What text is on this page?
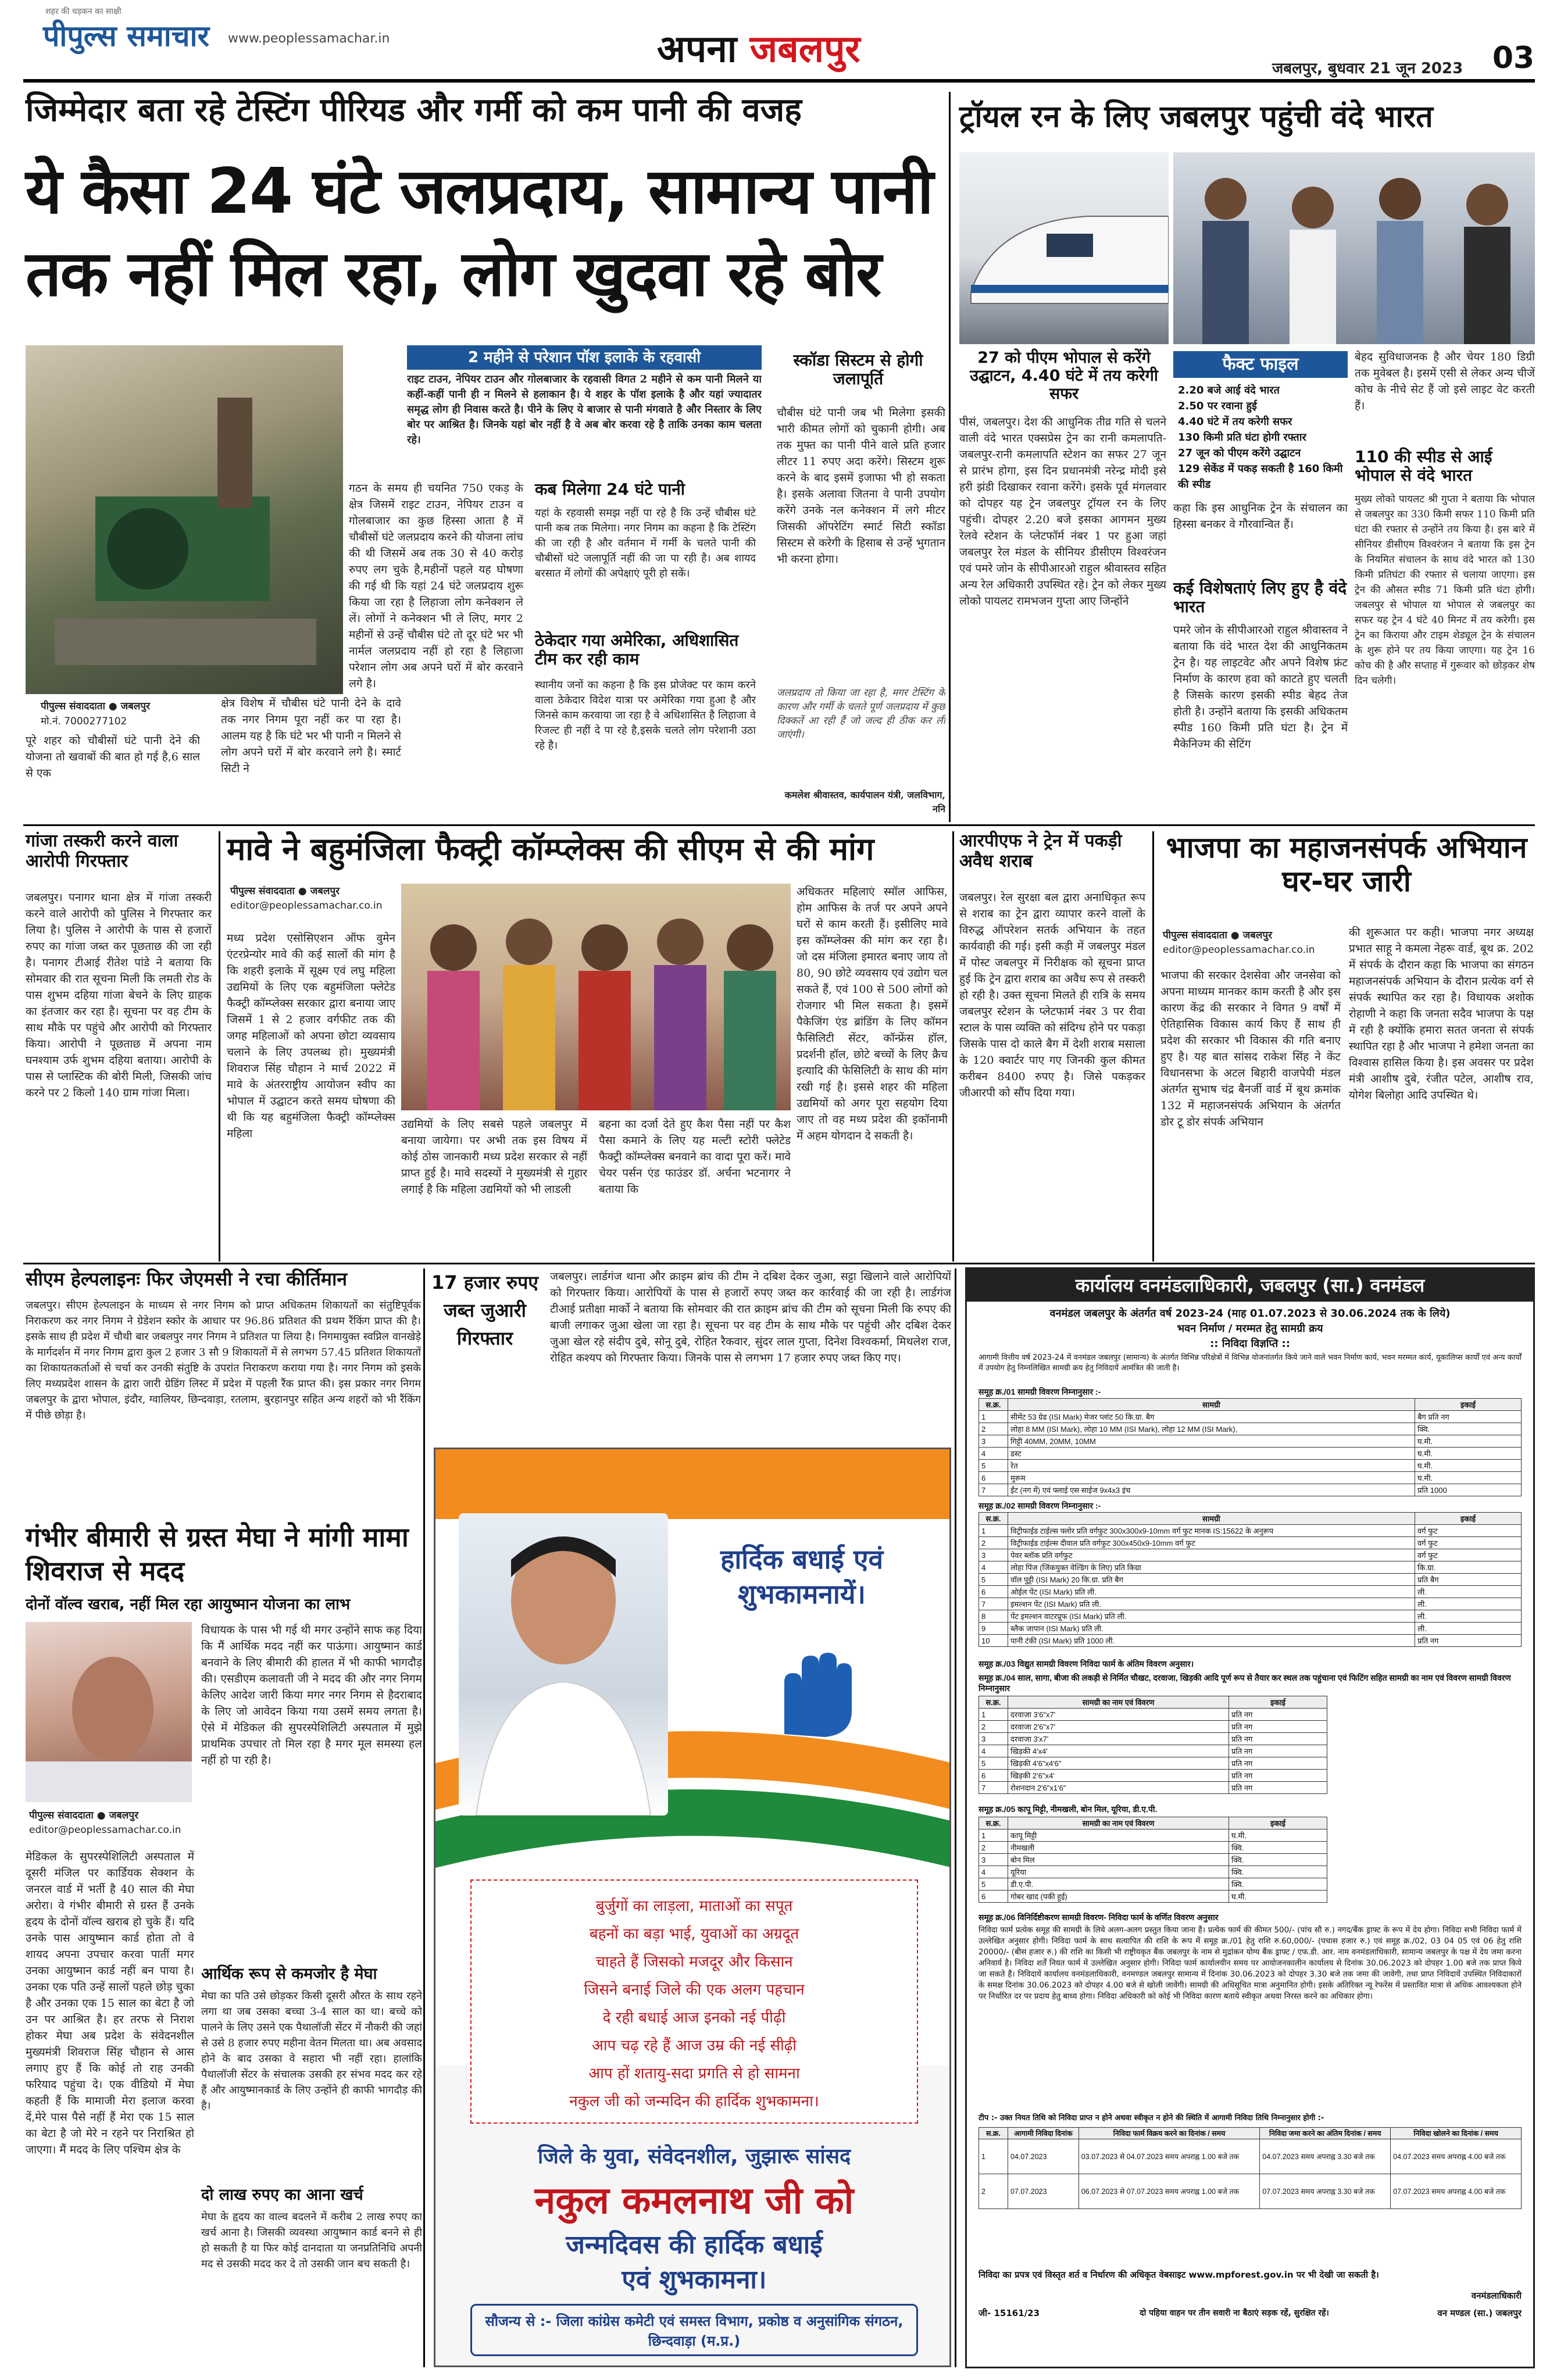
शहर की धड़कन का साक्षी
पीपुल्स समाचार www.peoplessamachar.in	अपना जबलपुर	जबलपुर, बुधवार 21 जून 2023 03
जिम्मेदार बता रहे टेस्टिंग पीरियड और गर्मी को कम पानी की वजह
ये कैसा 24 घंटे जलप्रदाय, सामान्य पानी
तक नहीं मिल रहा, लोग खुदवा रहे बोर
पीपुल्स संवाददाता ● जबलपुर
मो.नं. 7000277102
पूरे शहर को चौबीसों घंटे पानी देने की योजना तो खवाबों की बात हो गई है,6 साल से एक
क्षेत्र विशेष में चौबीस घंटे पानी देने के दावे तक नगर निगम पूरा नहीं कर पा रहा है। आलम यह है कि घंटे भर भी पानी न मिलने से लोग अपने घरों में बोर करवाने लगे है। स्मार्ट सिटी ने
2 महीने से परेशान पॉश इलाके के रहवासी
राइट टाउन, नेपियर टाउन और गोलबाजार के रहवासी विगत 2 महीने से कम पानी मिलने या कहीं-कहीं पानी ही न मिलने से हलाकान है। ये शहर के पॉश इलाके है और यहां ज्यादातर समृद्ध लोग ही निवास करते है। पीने के लिए ये बाजार से पानी मंगवाते है और निस्तार के लिए बोर पर आश्रित है। जिनके यहां बोर नहीं है वे अब बोर करवा रहे है ताकि उनका काम चलता रहे।
गठन के समय ही चयनित 750 एकड़ के क्षेत्र जिसमें राइट टाउन, नेपियर टाउन व गोलबाजार का कुछ हिस्सा आता है में चौबीसों घंटे जलप्रदाय करने की योजना लांच की थी जिसमें अब तक 30 से 40 करोड़ रुपए लग चुके है,महीनों पहले यह घोषणा की गई थी कि यहां 24 घंटे जलप्रदाय शुरू किया जा रहा है लिहाजा लोग कनेक्शन ले लें। लोगों ने कनेक्शन भी ले लिए, मगर 2 महीनों से उन्हें चौबीस घंटे तो दूर घंटे भर भी नार्मल जलप्रदाय नहीं हो रहा है लिहाजा परेशान लोग अब अपने घरों में बोर करवाने लगे है।
कब मिलेगा 24 घंटे पानी
यहां के रहवासी समझ नहीं पा रहे है कि उन्हें चौबीस घंटे पानी कब तक मिलेगा। नगर निगम का कहना है कि टेस्टिंग की जा रही है और वर्तमान में गर्मी के चलते पानी की चौबीसों घंटे जलापूर्ति नहीं की जा पा रही है। अब शायद बरसात में लोगों की अपेक्षाएं पूरी हो सकें।
ठेकेदार गया अमेरिका, अधिशासित टीम कर रही काम
स्थानीय जनों का कहना है कि इस प्रोजेक्ट पर काम करने वाला ठेकेदार विदेश यात्रा पर अमेरिका गया हुआ है और जिनसे काम करवाया जा रहा है वे अधिशासित है लिहाजा वे रिजल्ट ही नहीं दे पा रहे है,इसके चलते लोग परेशानी उठा रहे है।
स्कॉडा सिस्टम से होगी जलापूर्ति
चौबीस घंटे पानी जब भी मिलेगा इसकी भारी कीमत लोगों को चुकानी होगी। अब तक मुफ्त का पानी पीने वाले प्रति हजार लीटर 11 रुपए अदा करेंगे। सिस्टम शुरू करने के बाद इसमें इजाफा भी हो सकता है। इसके अलावा जितना वे पानी उपयोग करेंगे उनके नल कनेक्शन में लगे मीटर जिसकी ऑपरेटिंग स्मार्ट सिटी स्कॉडा सिस्टम से करेगी के हिसाब से उन्हें भुगतान भी करना होगा।
जलप्रदाय तो किया जा रहा है, मगर टेस्टिंग के कारण और गर्मी के चलते पूर्ण जलप्रदाय में कुछ दिक्कतें आ रही हैं जो जल्द ही ठीक कर ली जाएंगी।
कमलेश श्रीवास्तव, कार्यपालन यंत्री, जलविभाग, ननि
ट्रॉयल रन के लिए जबलपुर पहुंची वंदे भारत
27 को पीएम भोपाल से करेंगे उद्घाटन, 4.40 घंटे में तय करेगी सफर
पीसं, जबलपुर। देश की आधुनिक तीव्र गति से चलने वाली वंदे भारत एक्सप्रेस ट्रेन का रानी कमलापति-जबलपुर-रानी कमलापति स्टेशन का सफर 27 जून से प्रारंभ होगा, इस दिन प्रधानमंत्री नरेन्द्र मोदी इसे हरी झंडी दिखाकर रवाना करेंगे। इसके पूर्व मंगलवार को दोपहर यह ट्रेन जबलपुर ट्रॉयल रन के लिए पहुंची। दोपहर 2.20 बजे इसका आगमन मुख्य रेलवे स्टेशन के प्लेटफॉर्म नंबर 1 पर हुआ जहां जबलपुर रेल मंडल के सीनियर डीसीएम विश्वरंजन एवं पमरे जोन के सीपीआरओ राहुल श्रीवास्तव सहित अन्य रेल अधिकारी उपस्थित रहे। ट्रेन को लेकर मुख्य लोको पायलट रामभजन गुप्ता आए जिन्होंने
फैक्ट फाइल
2.20 बजे आई वंदे भारत
2.50 पर रवाना हुई
4.40 घंटे में तय करेगी सफर
130 किमी प्रति घंटा होगी रफ्तार
27 जून को पीएम करेंगे उद्घाटन
129 सेकेंड में पकड़ सकती है 160 किमी की स्पीड
कहा कि इस आधुनिक ट्रेन के संचालन का हिस्सा बनकर वे गौरवान्वित हैं।
कई विशेषताएं लिए हुए है वंदे भारत
पमरे जोन के सीपीआरओ राहुल श्रीवास्तव ने बताया कि वंदे भारत देश की आधुनिकतम ट्रेन है। यह लाइटवेट और अपने विशेष फ्रंट निर्माण के कारण हवा को काटते हुए चलती है जिसके कारण इसकी स्पीड बेहद तेज होती है। उन्होंने बताया कि इसकी अधिकतम स्पीड 160 किमी प्रति घंटा है। ट्रेन में मैकेनिज्म की सेटिंग
बेहद सुविधाजनक है और चेयर 180 डिग्री तक मुवेबल है। इसमें एसी से लेकर अन्य चीजें कोच के नीचे सेट हैं जो इसे लाइट वेट करती हैं।
110 की स्पीड से आई भोपाल से वंदे भारत
मुख्य लोको पायलट श्री गुप्ता ने बताया कि भोपाल से जबलपुर का 330 किमी सफर 110 किमी प्रति घंटा की रफ्तार से उन्होंने तय किया है। इस बारे में सीनियर डीसीएम विश्वरंजन ने बताया कि इस ट्रेन के नियमित संचालन के साथ वंदे भारत को 130 किमी प्रतिघंटा की रफ्तार से चलाया जाएगा। इस ट्रेन की औसत स्पीड 71 किमी प्रति घंटा होगी। जबलपुर से भोपाल या भोपाल से जबलपुर का सफर यह ट्रेन 4 घंटे 40 मिनट में तय करेगी। इस ट्रेन का किराया और टाइम शेड्यूल ट्रेन के संचालन के शुरू होने पर तय किया जाएगा। यह ट्रेन 16 कोच की है और सप्ताह में गुरूवार को छोड़कर शेष दिन चलेगी।
गांजा तस्करी करने वाला आरोपी गिरफ्तार
जबलपुर। पनागर थाना क्षेत्र में गांजा तस्करी करने वाले आरोपी को पुलिस ने गिरफ्तार कर लिया है। पुलिस ने आरोपी के पास से हजारों रुपए का गांजा जब्त कर पूछताछ की जा रही है। पनागर टीआई रीतेश पांडे ने बताया कि सोमवार की रात सूचना मिली कि लमती रोड के पास शुभम दहिया गांजा बेचने के लिए ग्राहक का इंतजार कर रहा है। सूचना पर वह टीम के साथ मौके पर पहुंचे और आरोपी को गिरफ्तार किया। आरोपी ने पूछताछ में अपना नाम घनश्याम उर्फ शुभम दहिया बताया। आरोपी के पास से प्लास्टिक की बोरी मिली, जिसकी जांच करने पर 2 किलो 140 ग्राम गांजा मिला।
मावे ने बहुमंजिला फैक्ट्री कॉम्प्लेक्स की सीएम से की मांग
पीपुल्स संवाददाता ● जबलपुर
editor@peoplessamachar.co.in
मध्य प्रदेश एसोसिएशन ऑफ वुमेन एंटरप्रेन्योर मावे की कई सालों की मांग है कि शहरी इलाके में सूक्ष्म एवं लघु महिला उद्यमियों के लिए एक बहुमंजिला फ्लेटेड फैक्ट्री कॉम्प्लेक्स सरकार द्वारा बनाया जाए जिसमें 1 से 2 हजार वर्गफीट तक की जगह महिलाओं को अपना छोटा व्यवसाय चलाने के लिए उपलब्ध हो। मुख्यमंत्री शिवराज सिंह चौहान ने मार्च 2022 में मावे के अंतरराष्ट्रीय आयोजन स्वीप का भोपाल में उद्घाटन करते समय घोषणा की थी कि यह बहुमंजिला फैक्ट्री कॉम्प्लेक्स महिला
उद्यमियों के लिए सबसे पहले जबलपुर में बनाया जायेगा। पर अभी तक इस विषय में कोई ठोस जानकारी मध्य प्रदेश सरकार से नहीं प्राप्त हुई है। मावे सदस्यों ने मुख्यमंत्री से गुहार लगाई है कि महिला उद्यमियों को भी लाडली
बहना का दर्जा देते हुए कैश पैसा नहीं पर कैश पैसा कमाने के लिए यह मल्टी स्टोरी फ्लेटेड फैक्ट्री कॉम्प्लेक्स बनवाने का वादा पूरा करें। मावे चेयर पर्सन एंड फाउंडर डॉ. अर्चना भटनागर ने बताया कि
अधिकतर महिलाएं स्मॉल आफिस, होम आफिस के तर्ज पर अपने अपने घरों से काम करती हैं। इसीलिए मावे इस कॉम्प्लेक्स की मांग कर रहा है। जो दस मंजिला इमारत बनाए जाय तो 80, 90 छोटे व्यवसाय एवं उद्योग चल सकते हैं, एवं 100 से 500 लोगों को रोजगार भी मिल सकता है। इसमें पैकेजिंग एंड ब्रांडिंग के लिए कॉमन फैसिलिटी सेंटर, कॉन्फ्रेंस हॉल, प्रदर्शनी हॉल, छोटे बच्चों के लिए क्रैच इत्यादि की फेसिलिटी के साथ की मांग रखी गई है। इससे शहर की महिला उद्यमियों को अगर पूरा सहयोग दिया जाए तो वह मध्य प्रदेश की इकॉनामी में अहम योगदान दे सकती है।
आरपीएफ ने ट्रेन में पकड़ी अवैध शराब
जबलपुर। रेल सुरक्षा बल द्वारा अनाधिकृत रूप से शराब का ट्रेन द्वारा व्यापार करने वालों के विरुद्ध ऑपरेशन सतर्क अभियान के तहत कार्यवाही की गई। इसी कड़ी में जबलपुर मंडल में पोस्ट जबलपुर में निरीक्षक को सूचना प्राप्त हुई कि ट्रेन द्वारा शराब का अवैध रूप से तस्करी हो रही है। उक्त सूचना मिलते ही रात्रि के समय जबलपुर स्टेशन के प्लेटफार्म नंबर 3 पर रीवा स्टाल के पास व्यक्ति को संदिग्ध होने पर पकड़ा जिसके पास दो काले बैग में देशी शराब मसाला के 120 क्वार्टर पाए गए जिनकी कुल कीमत करीबन 8400 रुपए है। जिसे पकड़कर जीआरपी को सौंप दिया गया।
भाजपा का महाजनसंपर्क अभियान घर-घर जारी
पीपुल्स संवाददाता ● जबलपुर
editor@peoplessamachar.co.in
भाजपा की सरकार देशसेवा और जनसेवा को अपना माध्यम मानकर काम करती है और इस कारण केंद्र की सरकार ने विगत 9 वर्षों में ऐतिहासिक विकास कार्य किए हैं साथ ही प्रदेश की सरकार भी विकास की गति बनाए हुए है। यह बात सांसद राकेश सिंह ने केंट विधानसभा के अटल बिहारी वाजपेयी मंडल अंतर्गत सुभाष चंद्र बैनर्जी वार्ड में बूथ क्रमांक 132 में महाजनसंपर्क अभियान के अंतर्गत डोर टू डोर संपर्क अभियान
की शुरूआत पर कही। भाजपा नगर अध्यक्ष प्रभात साहू ने कमला नेहरू वार्ड, बूथ क्र. 202 में संपर्क के दौरान कहा कि भाजपा का संगठन महाजनसंपर्क अभियान के दौरान प्रत्येक वर्ग से संपर्क स्थापित कर रहा है। विधायक अशोक रोहाणी ने कहा कि जनता सदैव भाजपा के पक्ष में रही है क्योंकि हमारा सतत जनता से संपर्क स्थापित रहा है और भाजपा ने हमेशा जनता का विश्वास हासिल किया है। इस अवसर पर प्रदेश मंत्री आशीष दुबे, रंजीत पटेल, आशीष राव, योगेश बिलोहा आदि उपस्थित थे।
सीएम हेल्पलाइनः फिर जेएमसी ने रचा कीर्तिमान
जबलपुर। सीएम हेल्पलाइन के माध्यम से नगर निगम को प्राप्त अधिकतम शिकायतों का संतुष्टिपूर्वक निराकरण कर नगर निगम ने ग्रेडेशन स्कोर के आधार पर 96.86 प्रतिशत की प्रथम रैंकिंग प्राप्त की है। इसके साथ ही प्रदेश में चौथी बार जबलपुर नगर निगम ने प्रतिशत पा लिया है। निगमायुक्त स्वप्निल वानखेड़े के मार्गदर्शन में नगर निगम द्वारा कुल 2 हजार 3 सौ 9 शिकायतों में से लगभग 57.45 प्रतिशत शिकायतों का शिकायतकर्ताओं से चर्चा कर उनकी संतुष्टि के उपरांत निराकरण कराया गया है। नगर निगम को इसके लिए मध्यप्रदेश शासन के द्वारा जारी ग्रेडिंग लिस्ट में प्रदेश में पहली रैंक प्राप्त की। इस प्रकार नगर निगम जबलपुर के द्वारा भोपाल, इंदौर, ग्वालियर, छिन्दवाड़ा, रतलाम, बुरहानपुर सहित अन्य शहरों को भी रैंकिंग में पीछे छोड़ा है।
17 हजार रुपए जब्त जुआरी गिरफ्तार
जबलपुर। लार्डगंज थाना और क्राइम ब्रांच की टीम ने दबिश देकर जुआ, सट्टा खिलाने वाले आरोपियों को गिरफ्तार किया। आरोपियों के पास से हजारों रुपए जब्त कर कार्रवाई की जा रही है। लार्डगंज टीआई प्रतीक्षा मार्को ने बताया कि सोमवार की रात क्राइम ब्रांच की टीम को सूचना मिली कि रुपए की बाजी लगाकर जुआ खेला जा रहा है। सूचना पर वह टीम के साथ मौके पर पहुंची और दबिश देकर जुआ खेल रहे संदीप दुबे, सोनू दुबे, रोहित रैकवार, सुंदर लाल गुप्ता, दिनेश विश्वकर्मा, मिथलेश राज, रोहित कश्यप को गिरफ्तार किया। जिनके पास से लगभग 17 हजार रुपए जब्त किए गए।
गंभीर बीमारी से ग्रस्त मेघा ने मांगी मामा शिवराज से मदद
दोनों वॉल्व खराब, नहीं मिल रहा आयुष्मान योजना का लाभ
पीपुल्स संवाददाता ● जबलपुर
editor@peoplessamachar.co.in
मेडिकल के सुपरस्पेशिलिटी अस्पताल में दूसरी मंजिल पर कार्डियक सेक्शन के जनरल वार्ड में भर्ती है 40 साल की मेघा अरोरा। वे गंभीर बीमारी से ग्रस्त हैं उनके हृदय के दोनों वॉल्व खराब हो चुके हैं। यदि उनके पास आयुष्मान कार्ड होता तो वे शायद अपना उपचार करवा पातीं मगर उनका आयुष्मान कार्ड नहीं बन पाया है। उनका एक पति उन्हें सालों पहले छोड़ चुका है और उनका एक 15 साल का बेटा है जो उन पर आश्रित है। हर तरफ से निराश होकर मेघा अब प्रदेश के संवेदनशील मुख्यमंत्री शिवराज सिंह चौहान से आस लगाए हुए हैं कि कोई तो राह उनकी फरियाद पहुंचा दे। एक वीडियो में मेघा कहती हैं कि मामाजी मेरा इलाज करवा दें,मेरे पास पैसे नहीं हैं मेरा एक 15 साल का बेटा है जो मेरे न रहने पर निराश्रित हो जाएगा। मैं मदद के लिए पश्चिम क्षेत्र के
विधायक के पास भी गई थी मगर उन्होंने साफ कह दिया कि मैं आर्थिक मदद नहीं कर पाऊंगा। आयुष्मान कार्ड बनवाने के लिए बीमारी की हालत में भी काफी भागदौड़ की। एसडीएम कलावती जी ने मदद की और नगर निगम केलिए आदेश जारी किया मगर नगर निगम से हैदराबाद के लिए जो आवेदन किया गया उसमें समय लगता है। ऐसे में मेडिकल की सुपरस्पेशिलिटी अस्पताल में मुझे प्राथमिक उपचार तो मिल रहा है मगर मूल समस्या हल नहीं हो पा रही है।
आर्थिक रूप से कमजोर है मेघा
मेघा का पति उसे छोड़कर किसी दूसरी औरत के साथ रहने लगा था जब उसका बच्चा 3-4 साल का था। बच्चे को पालने के लिए उसने एक पैथालॉजी सेंटर में नौकरी की जहां से उसे 8 हजार रुपए महीना वेतन मिलता था। अब अवसाद होने के बाद उसका वे सहारा भी नहीं रहा। हालांकि पैथालॉजी सेंटर के संचालक उसकी हर संभव मदद कर रहे हैं और आयुष्मानकार्ड के लिए उन्होंने ही काफी भागदौड़ की है।
दो लाख रुपए का आना खर्च
मेघा के हृदय का वाल्व बदलने में करीब 2 लाख रुपए का खर्च आना है। जिसकी व्यवस्था आयुष्मान कार्ड बनने से ही हो सकती है या फिर कोई दानदाता या जनप्रतिनिधि अपनी मद से उसकी मदद कर दे तो उसकी जान बच सकती है।
हार्दिक बधाई एवं शुभकामनायें।
बुर्जुगों का लाड़ला, माताओं का सपूत
बहनों का बड़ा भाई, युवाओं का अग्रदूत
चाहते हैं जिसको मजदूर और किसान
जिसने बनाई जिले की एक अलग पहचान
दे रही बधाई आज इनको नई पीढ़ी
आप चढ़ रहे हैं आज उम्र की नई सीढ़ी
आप हों शतायु-सदा प्रगति से हो सामना
नकुल जी को जन्मदिन की हार्दिक शुभकामना।
जिले के युवा, संवेदनशील, जुझारू सांसद
नकुल कमलनाथ जी को
जन्मदिवस की हार्दिक बधाई
एवं शुभकामना।
सौजन्य से :- जिला कांग्रेस कमेटी एवं समस्त विभाग, प्रकोष्ठ व अनुसांगिक संगठन, छिन्दवाड़ा (म.प्र.)
कार्यालय वनमंडलाधिकारी, जबलपुर (सा.) वनमंडल
वनमंडल जबलपुर के अंतर्गत वर्ष 2023-24 (माह 01.07.2023 से 30.06.2024 तक के लिये)
भवन निर्माण / मरम्मत हेतु सामग्री क्रय
:: निविदा विज्ञप्ति ::
आगामी वित्तीय वर्ष 2023-24 में वनमंडल जबलपुर (सामान्य) के अंतर्गत विभिन्न परिक्षेत्रों में विभिन्न योजनांतर्गत किये जाने वाले भवन निर्माण कार्य, भवन मरम्मत कार्य, यूकालिप्स कार्यों एवं अन्य कार्यों में उपयोग हेतु निम्नलिखित सामग्री क्रय हेतु निविदायें आमंत्रित की जाती है।
समूह क्र./01 सामग्री विवरण निम्नानुसार :-
स.क्र.	सामग्री	इकाई
1	सीमेंट 53 ग्रेड (ISI Mark) मेजर प्लांट 50 कि.ग्रा. बैग	बैग प्रति नग
2	लोहा 8 MM (ISI Mark), लोहा 10 MM (ISI Mark), लोहा 12 MM (ISI Mark),	क्वि.
3	गिट्टी 40MM, 20MM, 10MM	घ.मी.
4	डस्ट	घ.मी.
5	रेत	घ.मी.
6	मुरूम	घ.मी.
7	ईंट (नग में) एवं फ्लाई एस साईज 9x4x3 इंच	प्रति 1000
समूह क्र./02 सामग्री विवरण निम्नानुसार :-
स.क्र.	सामग्री	इकाई
1	विट्रीफाईड टाईल्स फ्लोर प्रति वर्गफुट 300x300x9-10mm वर्ग फुट मानक IS:15622 के अनुरूप	वर्ग फुट
2	विट्रीफाईड टाईल्स दीवाल प्रति वर्गफुट 300x450x9-10mm वर्ग फुट	वर्ग फुट
3	पेवर ब्लॉक प्रति वर्गफुट	वर्ग फुट
4	लोहा पिंज (जिंकयुक्त वेल्डिंग के लिए) प्रति किग्रा	कि.ग्रा.
5	वॉल पुट्टी (ISI Mark) 20 कि.ग्रा. प्रति बैग	प्रति बैग
6	ओईल पेंट (ISI Mark) प्रति ली.	ली.
7	इमल्शन पेंट (ISI Mark) प्रति ली.	ली.
8	पेंट इमल्शन वाटरप्रूफ (ISI Mark) प्रति ली.	ली.
9	ब्लैक जापान (ISI Mark) प्रति ली.	ली.
10	पानी टंकी (ISI Mark) प्रति 1000 ली.	प्रति नग
समूह क्र./03 विद्युत सामग्री विवरण निविदा फार्म के अंतिम विवरण अनुसार।
समूह क्र./04 साल, सागा, बीजा की लकड़ी से निर्मित चौखट, दरवाजा, खिड़की आदि पूर्ण रूप से तैयार कर स्थल तक पहुंचाना एवं फिटिंग सहित सामग्री का नाम एवं विवरण सामग्री विवरण निम्नानुसार
स.क्र.	सामग्री का नाम एवं विवरण	इकाई
1	दरवाजा 3'6"x7'	प्रति नग
2	दरवाजा 2'6"x7'	प्रति नग
3	दरवाजा 3'x7'	प्रति नग
4	खिड़की 4'x4'	प्रति नग
5	खिड़की 4'6"x4'6"	प्रति नग
6	खिड़की 2'6"x4'	प्रति नग
7	रोशनदान 2'6"x1'6"	प्रति नग
समूह क्र./05 कापू मिट्टी, नीमखली, बोन मिल, यूरिया, डी.ए.पी.
स.क्र.	सामग्री का नाम एवं विवरण	इकाई
1	कापू मिट्टी	घ.मी.
2	नीमखली	क्वि.
3	बोन मिल	क्वि.
4	यूरिया	क्वि.
5	डी.ए.पी.	क्वि.
6	गोबर खाद (पकी हुई)	घ.मी.
समूह क्र./06 विनिर्दिष्टीकरण सामग्री विवरण- निविदा फार्म के वर्णित विवरण अनुसार
निविदा फार्म प्रत्येक समूह की सामग्री के लिये अलग-अलग प्रस्तुत किया जाना है। प्रत्येक फार्म की कीमत 500/- (पांच सौ रु.) नगद/बैंक ड्राफ्ट के रूप में देय होगा। निविदा सभी निविदा फार्म में उल्लेखित अनुसार होगी। निविदा फार्म के साथ सत्यापित की राशि के रूप में समूह क्र./01 हेतु राशि रु.60,000/- (पचास हजार रु.) एवं समूह क्र./02, 03 04 05 एवं 06 हेतु राशि 20000/- (बीस हजार रु.) की राशि का किसी भी राष्ट्रीयकृत बैंक जबलपुर के नाम से मुद्रांकन योग्य बैंक ड्राफ्ट / एफ.डी. आर. नाम वनमंडलाधिकारी, सामान्य जबलपुर के पक्ष में देय जमा करना अनिवार्य है। निविदा शर्तें नियत फार्म में उल्लेखित अनुसार होगी। निविदा फार्म कार्यालयीन समय पर आयोजनकालीन कार्यालय से दिनांक 30.06.2023 को दोपहर 1.00 बजे तक प्राप्त किये जा सकते हैं। निविदायें कार्यालय वनमंडलाधिकारी, वनमण्डल जबलपुर सामान्य में दिनांक 30.06.2023 को दोपहर 3.30 बजे तक जमा की जावेगी, तथा प्राप्त निविदायें उपस्थित निविदाकारों के समक्ष दिनांक 30.06.2023 को दोपहर 4.00 बजे से खोली जावेंगी। सामग्री की अधिसूचित मात्रा अनुमानित होगी। इसके अतिरिक्त न्यू रेफरेंस में प्रस्तावित मात्रा से अधिक आवश्यकता होने पर निर्धारित दर पर प्रदाय हेतु बाध्य होगा। निविदा अधिकारी को कोई भी निविदा कारण बताये स्वीकृत अथवा निरस्त करने का अधिकार होगा।
टीप :- उक्त नियत तिथि को निविदा प्राप्त न होने अथवा स्वीकृत न होने की स्थिति में आगामी निविदा तिथि निम्नानुसार होगी :-
स.क्र.	आगामी निविदा दिनांक	निविदा फार्म विक्रय करने का दिनांक / समय	निविदा जमा करने का अंतिम दिनांक / समय	निविदा खोलने का दिनांक / समय
1	04.07.2023	03.07.2023 से 04.07.2023 समय अपराह्न 1.00 बजे तक	04.07.2023 समय अपराह्न 3.30 बजे तक	04.07.2023 समय अपराह्न 4.00 बजे तक
2	07.07.2023	06.07.2023 से 07.07.2023 समय अपराह्न 1.00 बजे तक	07.07.2023 समय अपराह्न 3.30 बजे तक	07.07.2023 समय अपराह्न 4.00 बजे तक
निविदा का प्रपत्र एवं विस्तृत शर्त व निर्धारण की अधिकृत वेबसाइट www.mpforest.gov.in पर भी देखी जा सकती है।
वनमंडलाधिकारी
जी- 15161/23	दो पहिया वाहन पर तीन सवारी ना बैठाएं सड़क रहें, सुरक्षित रहें।	वन मण्डल (सा.) जबलपुर
